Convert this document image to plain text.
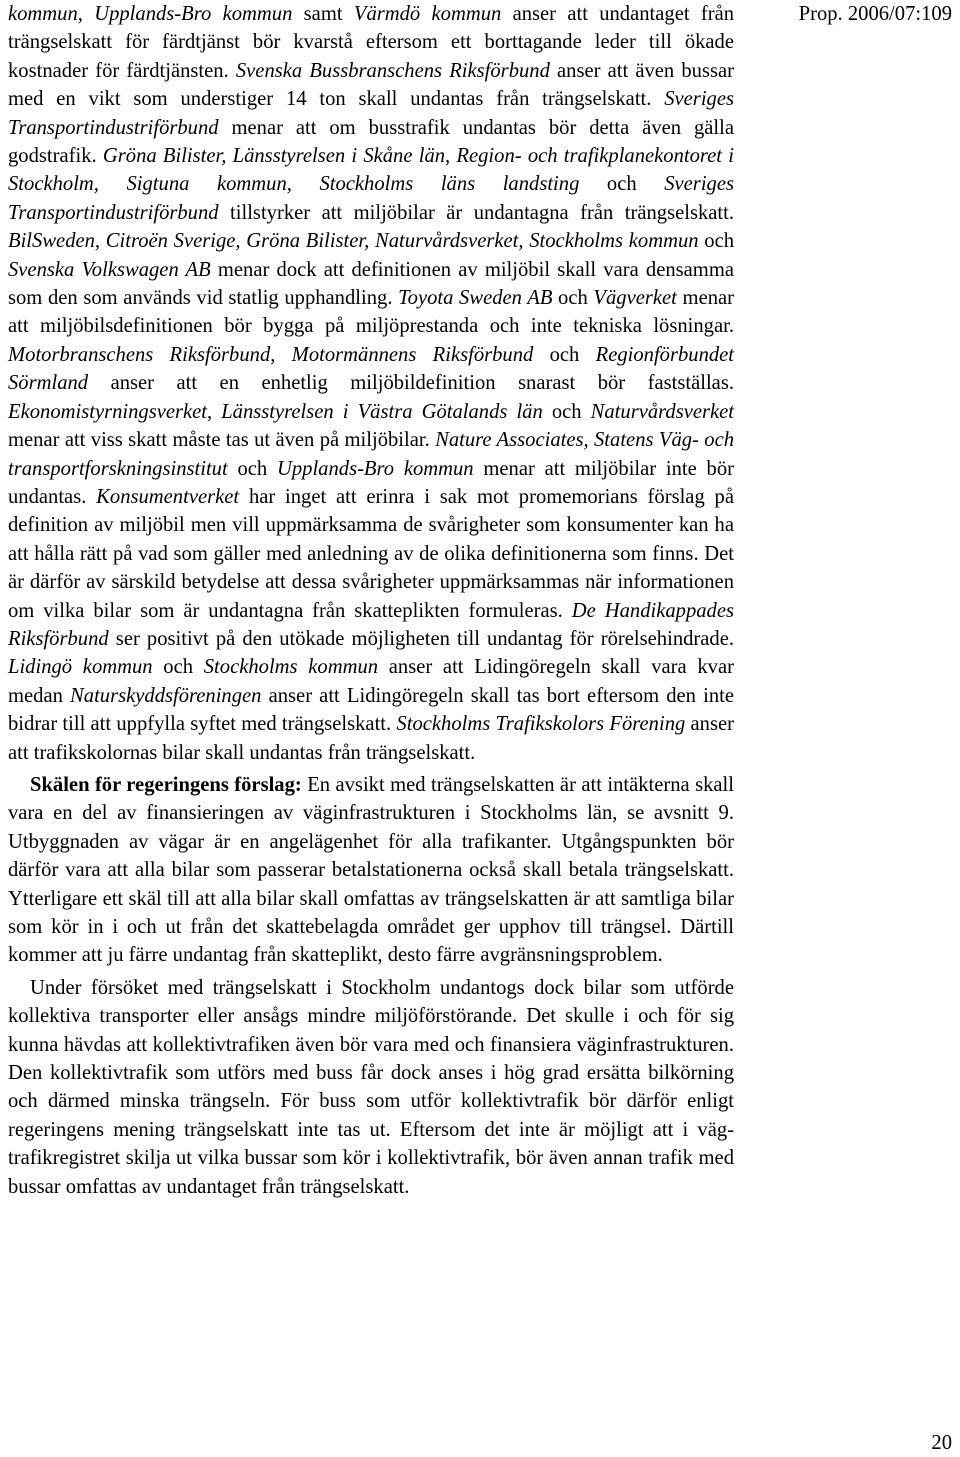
kommun, Upplands-Bro kommun samt Värmdö kommun anser att undantaget från trängselskatt för färdtjänst bör kvarstå eftersom ett borttagande leder till ökade kostnader för färdtjänsten. Svenska Bussbranschens Riksförbund anser att även bussar med en vikt som understiger 14 ton skall undantas från trängselskatt. Sveriges Transportindustriförbund menar att om busstrafik undantas bör detta även gälla godstrafik. Gröna Bilister, Länsstyrelsen i Skåne län, Region- och trafikplanekontoret i Stockholm, Sigtuna kommun, Stockholms läns landsting och Sveriges Transportindustriförbund tillstyrker att miljöbilar är undantagna från trängselskatt. BilSweden, Citroën Sverige, Gröna Bilister, Naturvårdsverket, Stockholms kommun och Svenska Volkswagen AB menar dock att definitionen av miljöbil skall vara densamma som den som används vid statlig upphandling. Toyota Sweden AB och Vägverket menar att miljöbilsdefinitionen bör bygga på miljöprestanda och inte tekniska lösningar. Motorbranschens Riksförbund, Motormännens Riksförbund och Regionförbundet Sörmland anser att en enhetlig miljöbildefinition snarast bör fastställas. Ekonomistyrningsverket, Länsstyrelsen i Västra Götalands län och Naturvårdsverket menar att viss skatt måste tas ut även på miljöbilar. Nature Associates, Statens Väg- och transportforskningsinstitut och Upplands-Bro kommun menar att miljöbilar inte bör undantas. Konsumentverket har inget att erinra i sak mot promemorians förslag på definition av miljöbil men vill uppmärksamma de svårigheter som konsumenter kan ha att hålla rätt på vad som gäller med anledning av de olika definitionerna som finns. Det är därför av särskild betydelse att dessa svårigheter uppmärksammas när informationen om vilka bilar som är undantagna från skatteplikten formuleras. De Handikappades Riksförbund ser positivt på den utökade möjligheten till undantag för rörelsehindrade. Lidingö kommun och Stockholms kommun anser att Lidingöregeln skall vara kvar medan Naturskyddsföreningen anser att Lidingöregeln skall tas bort eftersom den inte bidrar till att uppfylla syftet med trängselskatt. Stockholms Trafikskolors Förening anser att trafikskolornas bilar skall undantas från trängselskatt.

Skälen för regeringens förslag: En avsikt med trängselskatten är att intäkterna skall vara en del av finansieringen av väginfrastrukturen i Stockholms län, se avsnitt 9. Utbyggnaden av vägar är en angelägenhet för alla trafikanter. Utgångspunkten bör därför vara att alla bilar som passerar betalstationerna också skall betala trängselskatt. Ytterligare ett skäl till att alla bilar skall omfattas av trängselskatten är att samtliga bilar som kör in i och ut från det skattebelagda området ger upphov till trängsel. Därtill kommer att ju färre undantag från skatteplikt, desto färre avgränsningsproblem.

Under försöket med trängselskatt i Stockholm undantogs dock bilar som utförde kollektiva transporter eller ansågs mindre miljöförstörande. Det skulle i och för sig kunna hävdas att kollektivtrafiken även bör vara med och finansiera väginfrastrukturen. Den kollektivtrafik som utförs med buss får dock anses i hög grad ersätta bilkörning och därmed minska trängseln. För buss som utför kollektivtrafik bör därför enligt regeringens mening trängselskatt inte tas ut. Eftersom det inte är möjligt att i vägtrafikregistret skilja ut vilka bussar som kör i kollektivtrafik, bör även annan trafik med bussar omfattas av undantaget från trängselskatt.

Prop. 2006/07:109
20
